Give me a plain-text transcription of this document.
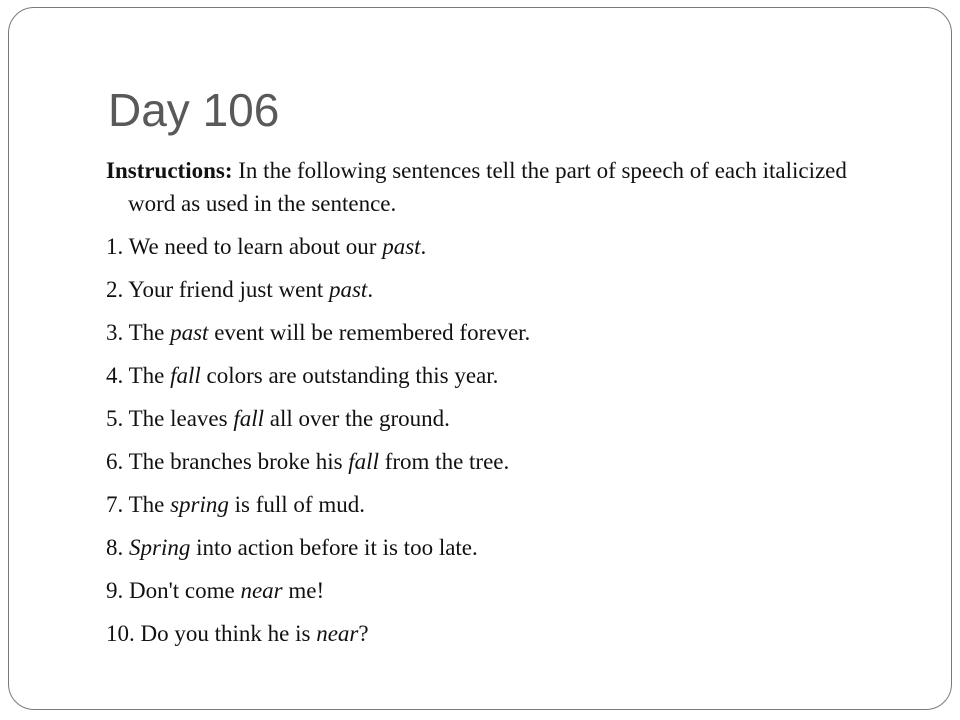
Day 106

Instructions: In the following sentences tell the part of speech of each italicized word as used in the sentence.

1. We need to learn about our past.

2. Your friend just went past.

3. The past event will be remembered forever.

4. The fall colors are outstanding this year.

5. The leaves fall all over the ground.

6. The branches broke his fall from the tree.

7. The spring is full of mud.

8. Spring into action before it is too late.

9. Don't come near me!

10. Do you think he is near?
